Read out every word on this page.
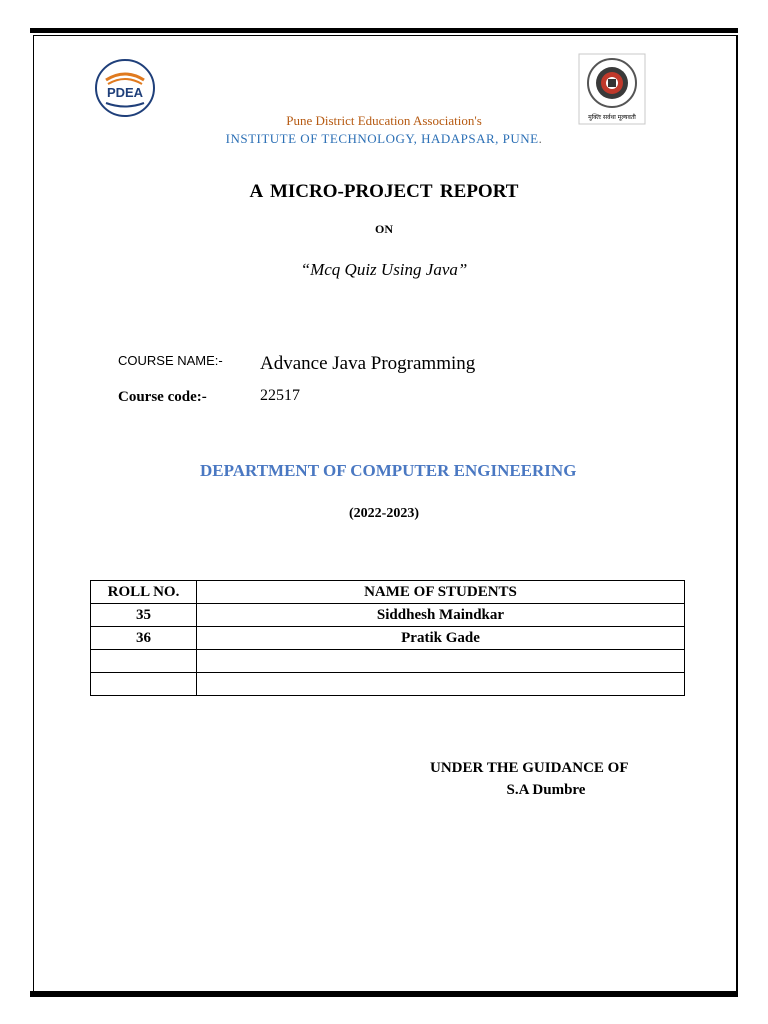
PDEA
मुक्तिः सर्वथा मूल्यवती
Pune District Education Association's
INSTITUTE OF TECHNOLOGY, HADAPSAR, PUNE.
A MICRO-PROJECT REPORT
ON
“Mcq Quiz Using Java”
COURSE NAME:- Advance Java Programming
Course code:-	22517
DEPARTMENT OF COMPUTER ENGINEERING
(2022-2023)
ROLL NO.	NAME OF STUDENTS
35	Siddhesh Maindkar
36	Pratik Gade

UNDER THE GUIDANCE OF
S.A Dumbre
